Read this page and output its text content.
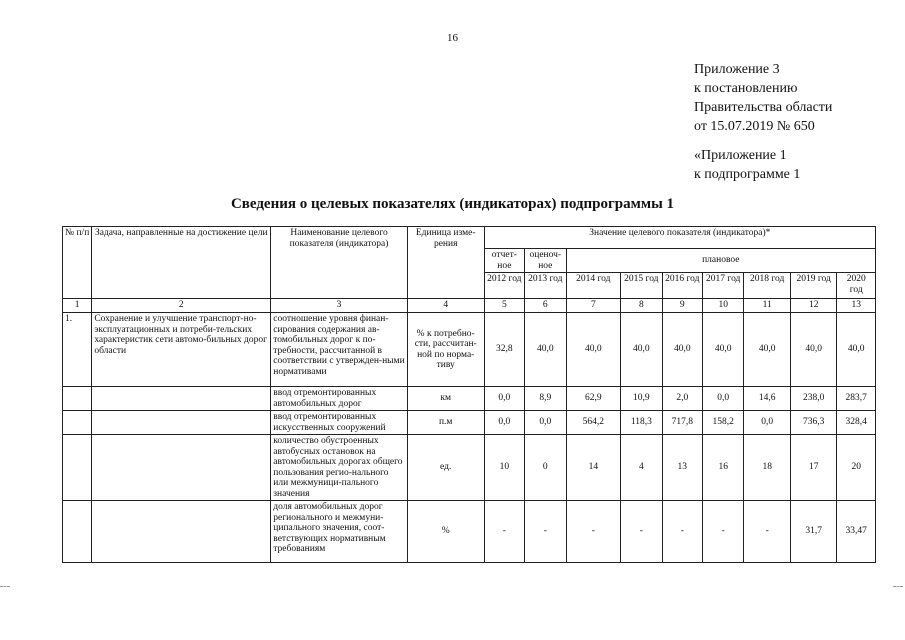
16
Приложение 3
к постановлению
Правительства области
от 15.07.2019 № 650
«Приложение 1
к подпрограмме 1
Сведения о целевых показателях (индикаторах) подпрограммы 1
№ п/п	Задача, направленные на достижение цели	Наименование целевого показателя (индикатора)	Единица изме-рения	Значение целевого показателя (индикатора)*								
				отчет-ное	оценоч-ное	плановое						
				2012 год	2013 год	2014 год	2015 год	2016 год	2017 год	2018 год	2019 год	2020 год
1	2	3	4	5	6	7	8	9	10	11	12	13
1.	Сохранение и улучшение транспорт-но-эксплуатационных и потреби-тельских характеристик сети автомо-бильных дорог области	соотношение уровня финан-сирования содержания ав-томобильных дорог к по-требности, рассчитанной в соответствии с утвержден-ными нормативами	% к потребно-сти, рассчитан-ной по норма-тиву	32,8	40,0	40,0	40,0	40,0	40,0	40,0	40,0	40,0
		ввод отремонтированных автомобильных дорог	км	0,0	8,9	62,9	10,9	2,0	0,0	14,6	238,0	283,7
		ввод отремонтированных искусственных сооружений	п.м	0,0	0,0	564,2	118,3	717,8	158,2	0,0	736,3	328,4
		количество обустроенных автобусных остановок на автомобильных дорогах общего пользования регио-нального или межмуници-пального значения	ед.	10	0	14	4	13	16	18	17	20
		доля автомобильных дорог регионального и межмуни-ципального значения, соот-ветствующих нормативным требованиям	%	-	-	-	-	-	-	-	31,7	33,47
